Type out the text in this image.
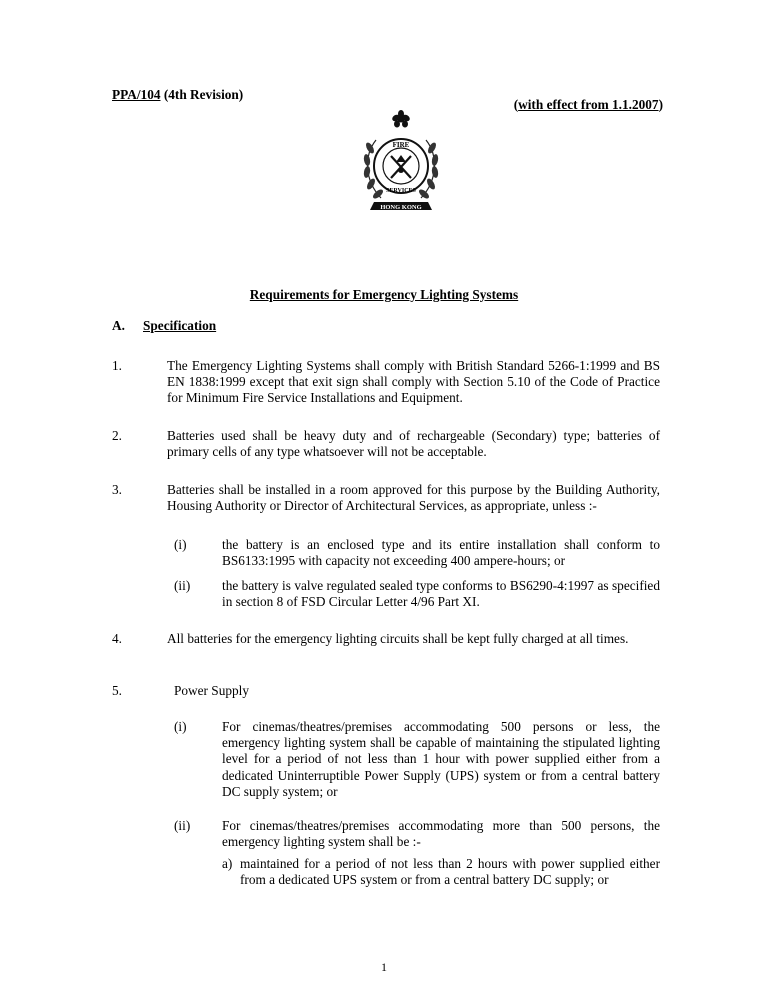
PPA/104 (4th Revision)
(with effect from 1.1.2007)
FIRE
SERVICES
HONG KONG
Requirements for Emergency Lighting Systems
A. Specification
1.	The Emergency Lighting Systems shall comply with British Standard 5266-1:1999 and BS EN 1838:1999 except that exit sign shall comply with Section 5.10 of the Code of Practice for Minimum Fire Service Installations and Equipment.
2.	Batteries used shall be heavy duty and of rechargeable (Secondary) type; batteries of primary cells of any type whatsoever will not be acceptable.
3.	Batteries shall be installed in a room approved for this purpose by the Building Authority, Housing Authority or Director of Architectural Services, as appropriate, unless :-
(i)	the battery is an enclosed type and its entire installation shall conform to BS6133:1995 with capacity not exceeding 400 ampere-hours; or
(ii) the battery is valve regulated sealed type conforms to BS6290-4:1997 as specified in section 8 of FSD Circular Letter 4/96 Part XI.
4.	All batteries for the emergency lighting circuits shall be kept fully charged at all times.
5.	Power Supply
(i)	For cinemas/theatres/premises accommodating 500 persons or less, the emergency lighting system shall be capable of maintaining the stipulated lighting level for a period of not less than 1 hour with power supplied either from a dedicated Uninterruptible Power Supply (UPS) system or from a central battery DC supply system; or
(ii) For cinemas/theatres/premises accommodating more than 500 persons, the emergency lighting system shall be :-
a) maintained for a period of not less than 2 hours with power supplied either from a dedicated UPS system or from a central battery DC supply; or
1
